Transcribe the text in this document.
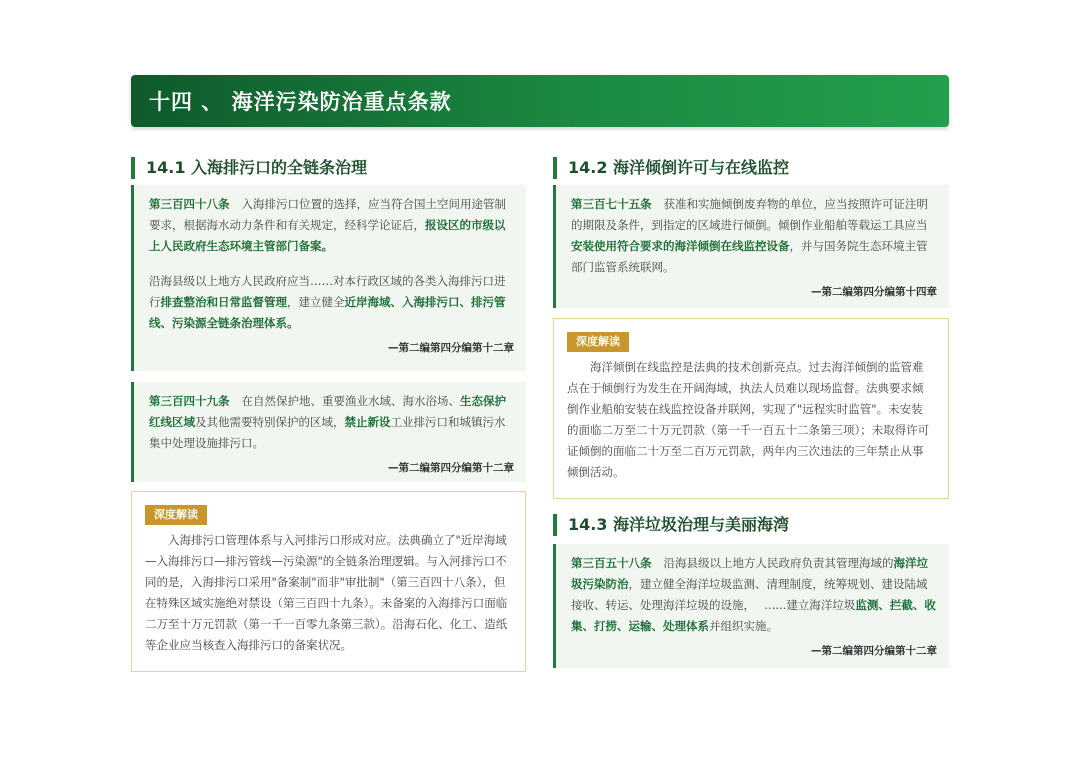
十四 、 海洋污染防治重点条款
14.1 入海排污口的全链条治理

第三百四十八条 入海排污口位置的选择，应当符合国土空间用途管制要求，根据海水动力条件和有关规定，经科学论证后，报设区的市级以上人民政府生态环境主管部门备案。

沿海县级以上地方人民政府应当……对本行政区域的各类入海排污口进行排查整治和日常监督管理，建立健全近岸海域、入海排污口、排污管线、污染源全链条治理体系。

—第二编第四分编第十二章

第三百四十九条 在自然保护地、重要渔业水域、海水浴场、生态保护红线区域及其他需要特别保护的区域，禁止新设工业排污口和城镇污水集中处理设施排污口。

—第二编第四分编第十二章
深度解读

入海排污口管理体系与入河排污口形成对应。法典确立了"近岸海域—入海排污口—排污管线—污染源"的全链条治理逻辑。与入河排污口不同的是，入海排污口采用"备案制"而非"审批制"（第三百四十八条），但在特殊区域实施绝对禁设（第三百四十九条）。未备案的入海排污口面临二万至十万元罚款（第一千一百零九条第三款）。沿海石化、化工、造纸等企业应当核查入海排污口的备案状况。

14.2 海洋倾倒许可与在线监控

第三百七十五条 获准和实施倾倒废弃物的单位，应当按照许可证注明的期限及条件，到指定的区域进行倾倒。倾倒作业船舶等载运工具应当安装使用符合要求的海洋倾倒在线监控设备，并与国务院生态环境主管部门监管系统联网。

—第二编第四分编第十四章
深度解读

海洋倾倒在线监控是法典的技术创新亮点。过去海洋倾倒的监管难点在于倾倒行为发生在开阔海域，执法人员难以现场监督。法典要求倾倒作业船舶安装在线监控设备并联网，实现了"远程实时监管"。未安装的面临二万至二十万元罚款（第一千一百五十二条第三项）；未取得许可证倾倒的面临二十万至二百万元罚款，两年内三次违法的三年禁止从事倾倒活动。

14.3 海洋垃圾治理与美丽海湾

第三百五十八条 沿海县级以上地方人民政府负责其管理海域的海洋垃圾污染防治，建立健全海洋垃圾监测、清理制度，统筹规划、建设陆域接收、转运、处理海洋垃圾的设施，　 ......建立海洋垃圾监测、拦截、收集、打捞、运输、处理体系并组织实施。

—第二编第四分编第十二章
